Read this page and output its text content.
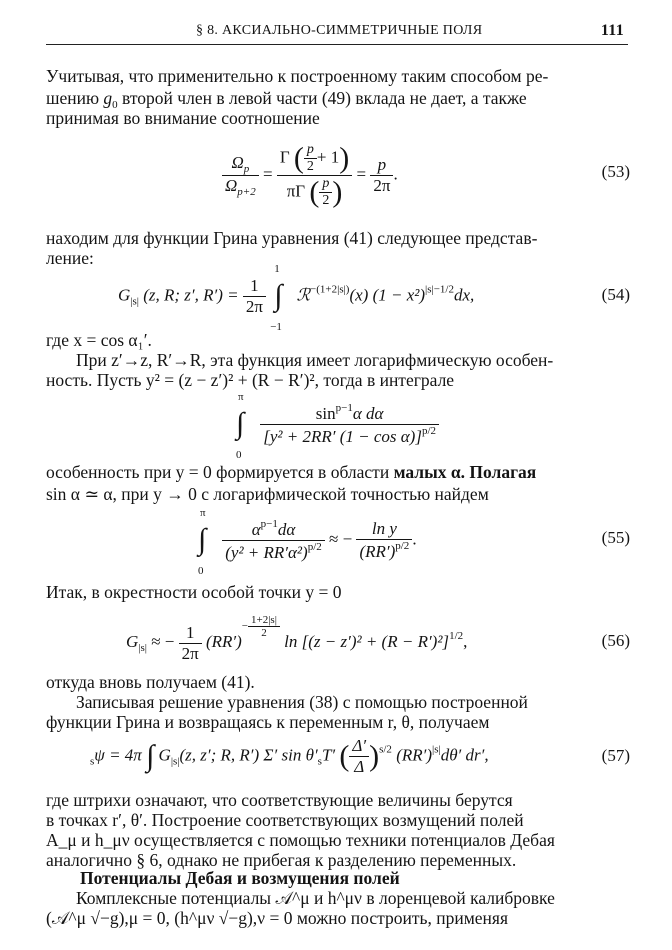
§ 8. АКСИАЛЬНО-СИММЕТРИЧНЫЕ ПОЛЯ	111
Учитывая, что применительно к построенному таким способом ре-
шению $g_0$ второй член в левой части (49) вклада не дает, а также
принимая во внимание соотношение
$\frac{\Omega_p}{\Omega_{p+2}} = \frac{\Gamma ( \frac{p}{2} + 1)}{\pi\Gamma ( \frac{p}{2} )} = \frac{p}{2\pi}$ .	(53)
находим для функции Грина уравнения (41) следующее представ-
ление:
$G_{|s|}$ (z, R; z′, $R') = \frac{1}{2\pi}$

1
∫
−1
ℛ$^{-(1+2|s|)}$(x) $(1 - x^2)^{|s|-1/2}dx$,	(54)
где x = cos α₁′.
При z′→z, R′→R, эта функция имеет логарифмическую особен-
ность. Пусть y² = (z − z′)² + (R − R′)², тогда в интеграле
π
∫
0

$\frac{\sin^{p-1}\alpha d\alpha}{[y^2 + 2RR' (1 - \cos \alpha)]^{p/2}}$
особенность при y = 0 формируется в области малых α. Полагая
sin α ≃ α, при y → 0 с логарифмической точностью найдем
π
∫
0

$\frac{\alpha^{p-1}d\alpha}{(y^2 + RR'\alpha^2)^{p/2}}$ ≈ − $\frac{\text{ln y}}{(RR')^{p/2}}$ .	(55)
Итак, в окрестности особой точки y = 0
$G_{|s|}$ ≈ − $\frac{1}{2\pi} (RR')- \frac{1+2|s|}{2}$
$\ln [(z - z')^2 + (R - R')^2]^{1/2}$,	(56)
откуда вновь получаем (41).
Записывая решение уравнения (38) с помощью построенной
функции Грина и возвращаясь к переменным r, θ, получаем
$_s$ψ = 4π ∫ $G_{|s|}(z$, z′; R, R′) Σ′ $\sin \theta'_sT'$ ( $\frac{\Delta'}{\Delta} )^{s/2}$ $(RR')^{|s|}d\theta'$ dr′,	(57)
где штрихи означают, что соответствующие величины берутся
в точках r′, θ′. Построение соответствующих возмущений полей
A_μ и h_μν осуществляется с помощью техники потенциалов Дебая
аналогично § 6, однако не прибегая к разделению переменных.
Потенциалы Дебая и возмущения полей
Комплексные потенциалы 𝒜^μ и h^μν в лоренцевой калибровке
(𝒜^μ √−g),μ = 0, (h^μν √−g),ν = 0 можно построить, применяя
